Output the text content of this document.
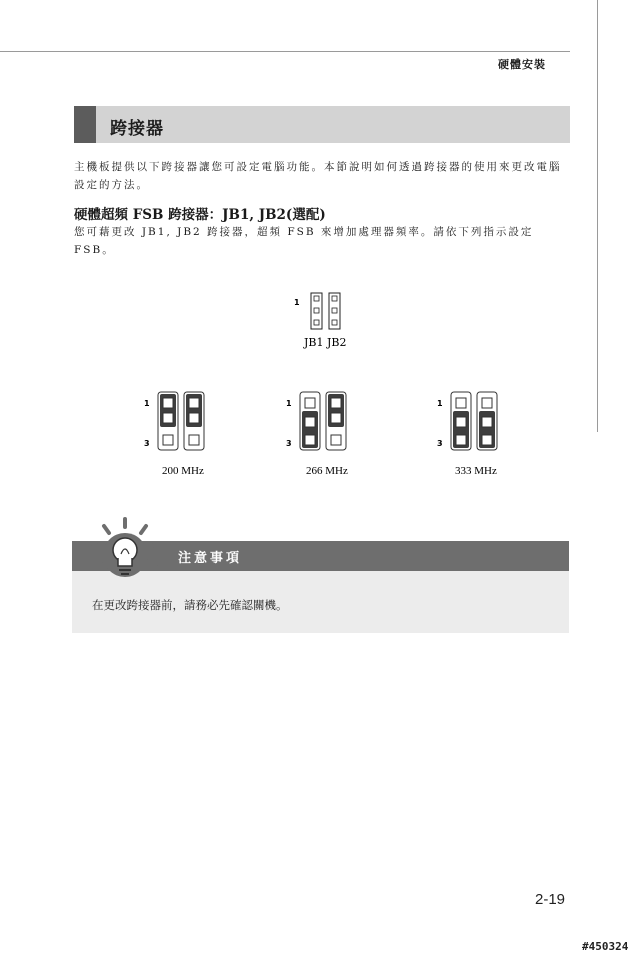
硬體安裝
跨接器
主機板提供以下跨接器讓您可設定電腦功能。本節說明如何透過跨接器的使用來更改電腦設定的方法。
硬體超頻 FSB 跨接器：JB1, JB2(選配)
您可藉更改 JB1, JB2 跨接器，超頻 FSB 來增加處理器頻率。請依下列指示設定 FSB。
1
JB1 JB2
1
3
200 MHz
1
3
266 MHz
1
3
333 MHz
注意事項
在更改跨接器前，請務必先確認關機。
2-19
#450324
